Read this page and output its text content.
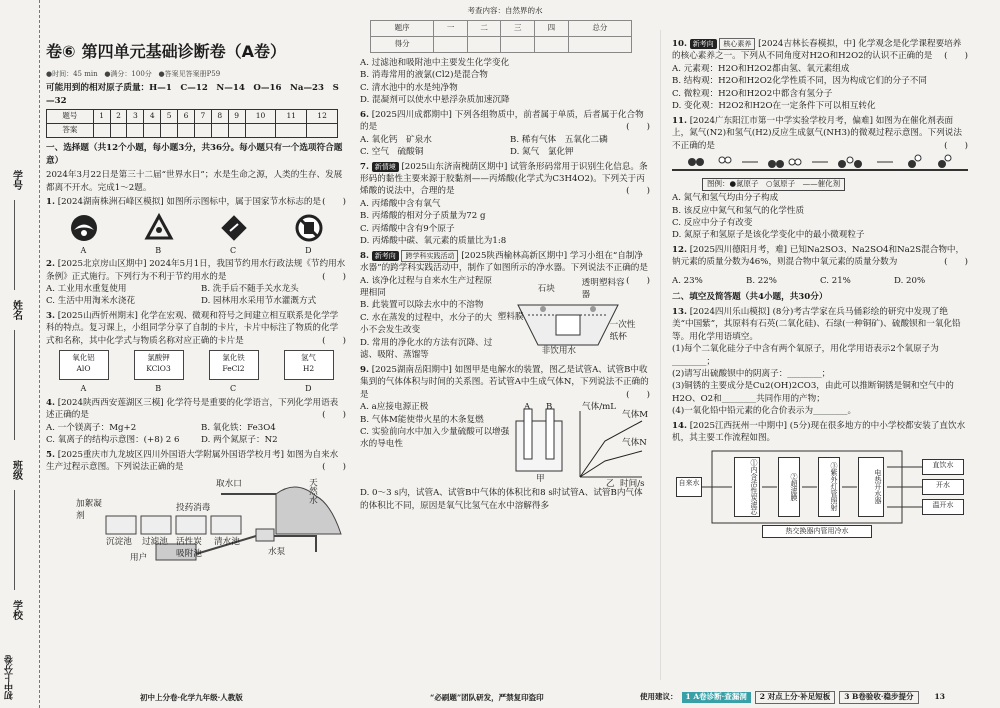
学号
姓名
班级
学校
初中上分卷
卷⑥ 第四单元基础诊断卷（A卷）
●时间：45 min ●满分：100分 ●答案见答案册P59
可能用到的相对原子质量：H—1　C—12　N—14　O—16　Na—23　S—32
题号	1	2	3	4	5	6	7	8	9	10	11	12
答案												
一、选择题（共12个小题，每小题3分，共36分。每小题只有一个选项符合题意）
2024年3月22日是第三十二届“世界水日”；水是生命之源，人类的生存、发展都离不开水。完成1～2题。
1. [2024湖南株洲石峰区模拟] 如图所示图标中，属于国家节水标志的是 (　　)
A	B	C	D
2. [2025北京房山区期中] 2024年5月1日，我国节约用水行政法规《节约用水条例》正式施行。下列行为不利于节约用水的是	(　　)
A. 工业用水重复使用	B. 洗手后不随手关水龙头
C. 生活中用淘米水浇花	D. 园林用水采用节水灌溉方式
3. [2025山西忻州期末] 化学在宏观、微观和符号之间建立相互联系是化学学科的特点。复习课上，小组同学分享了自制的卡片，卡片中标注了物质的化学式和名称，其中化学式与物质名称对应正确的卡片是	(　　)
氧化铝
AlO
氯酸钾
KClO3
氯化铁
FeCl2
氢气
H2
A	B	C	D
4. [2024陕西西安莲湖区三模] 化学符号是重要的化学语言，下列化学用语表述正确的是	(　　)
A. 一个镁离子：Mg+2	B. 氧化铁：Fe3O4
C. 氧离子的结构示意图：(+8) 2 6	D. 两个氮原子：N2
5. [2025重庆市九龙坡区四川外国语大学附属外国语学校月考] 如图为自来水生产过程示意图。下列说法正确的是	(　　)
取水口	天然水
加絮凝剂
投药消毒
沉淀池 过滤池 活性炭吸附池
清水池
水泵
用户
考查内容：自然界的水
题序	一	二	三	四	总分
得分					
A. 过滤池和吸附池中主要发生化学变化
B. 消毒常用的液氯(Cl2)是混合物
C. 清水池中的水是纯净物
D. 混凝剂可以使水中悬浮杂质加速沉降
6. [2025四川成都期中] 下列各组物质中，前者属于单质，后者属于化合物的是	(　　)
A. 氧化钙　矿泉水	B. 稀有气体　五氧化二磷
C. 空气　硫酸铜	D. 氮气　氯化钾
7. 新情境 [2025山东济南槐荫区期中] 试管条形码常用于识别生化信息。条形码的黏性主要来源于胶黏剂——丙烯酸(化学式为C3H4O2)。下列关于丙烯酸的说法中，合理的是	(　　)
A. 丙烯酸中含有氧气
B. 丙烯酸的相对分子质量为72 g
C. 丙烯酸中含有9个原子
D. 丙烯酸中碳、氧元素的质量比为1:8
8. 新考向 跨学科实践活动 [2025陕西榆林高新区期中] 学习小组在“自制净水器”的跨学科实践活动中，制作了如图所示的净水器。下列说法不正确的是
(　　)
A. 该净化过程与自来水生产过程原理相同
B. 此装置可以除去水中的不溶物
C. 水在蒸发的过程中，水分子的大小不会发生改变
D. 常用的净化水的方法有沉降、过滤、吸附、蒸馏等
石块
透明塑料容器
塑料膜
一次性纸杯
非饮用水
9. [2025湖南岳阳期中] 如图甲是电解水的装置，图乙是试管A、试管B中收集到的气体体积与时间的关系图。若试管A中生成气体N，下列说法不正确的是	(　　)
A. a应接电源正极
B. 气体M能使带火星的木条复燃
C. 实验前向水中加入少量硫酸可以增强水的导电性
A B	气体/mL
气体M
气体N
时间/s
甲	乙
D. 0～3 s内，试管A、试管B中气体的体积比和8 s时试管A、试管B内气体的体积比不同，原因是氧气比氢气在水中溶解得多
10. 新考向 核心素养 [2024吉林长春模拟，中] 化学观念是化学课程要培养的核心素养之一。下列从不同角度对H2O和H2O2的认识不正确的是 (　　)
A. 元素观：H2O和H2O2都由氢、氧元素组成
B. 结构观：H2O和H2O2化学性质不同，因为构成它们的分子不同
C. 微粒观：H2O和H2O2中都含有氢分子
D. 变化观：H2O2和H2O在一定条件下可以相互转化
11. [2024广东阳江市第一中学实验学校月考，偏难] 如图为在催化剂表面上，氮气(N2)和氢气(H2)反应生成氨气(NH3)的微观过程示意图。下列说法不正确的是	(　　)
图例：●氮原子　○氢原子　——催化剂
A. 氮气和氢气均由分子构成
B. 该反应中氮气和氢气的化学性质
C. 反应中分子有改变
D. 氮原子和氢原子是该化学变化中的最小微观粒子
12. [2025四川德阳月考，难] 已知Na2SO3、Na2SO4和Na2S混合物中，钠元素的质量分数为46%，则混合物中氧元素的质量分数为	(　　)
A. 23%	B. 22%	C. 21%	D. 20%
二、填空及简答题（共4小题，共30分）
13. [2024四川乐山模拟] (8分)考古学家在兵马俑彩绘的研究中发现了绝美“中国紫”，其原料有石英(二氧化硅)、石绿(一种铜矿)、硫酸钡和一氧化铅等。用化学用语填空。
(1)每个二氧化硅分子中含有两个氧原子，用化学用语表示2个氧原子为________；
(2)请写出硫酸钡中的阴离子：________；
(3)铜锈的主要成分是Cu2(OH)2CO3，由此可以推断铜锈是铜和空气中的H2O、O2和________共同作用的产物；
(4)一氧化铅中铅元素的化合价表示为________。
14. [2025江西抚州一中期中] (5分)现在很多地方的中小学校都安装了直饮水机，其主要工作流程如图。
自来水	①内含活性炭滤芯	②超滤膜	③紫外灯管照射	电热开水器
直饮水
开水
温开水
热交换器内管用冷水
初中上分卷·化学九年级·人教版	“必刷题”团队研发，严禁复印盗印	使用建议：	1 A卷诊断·查漏洞	2 对点上分·补足短板	3 B卷验收·稳步提分	13
